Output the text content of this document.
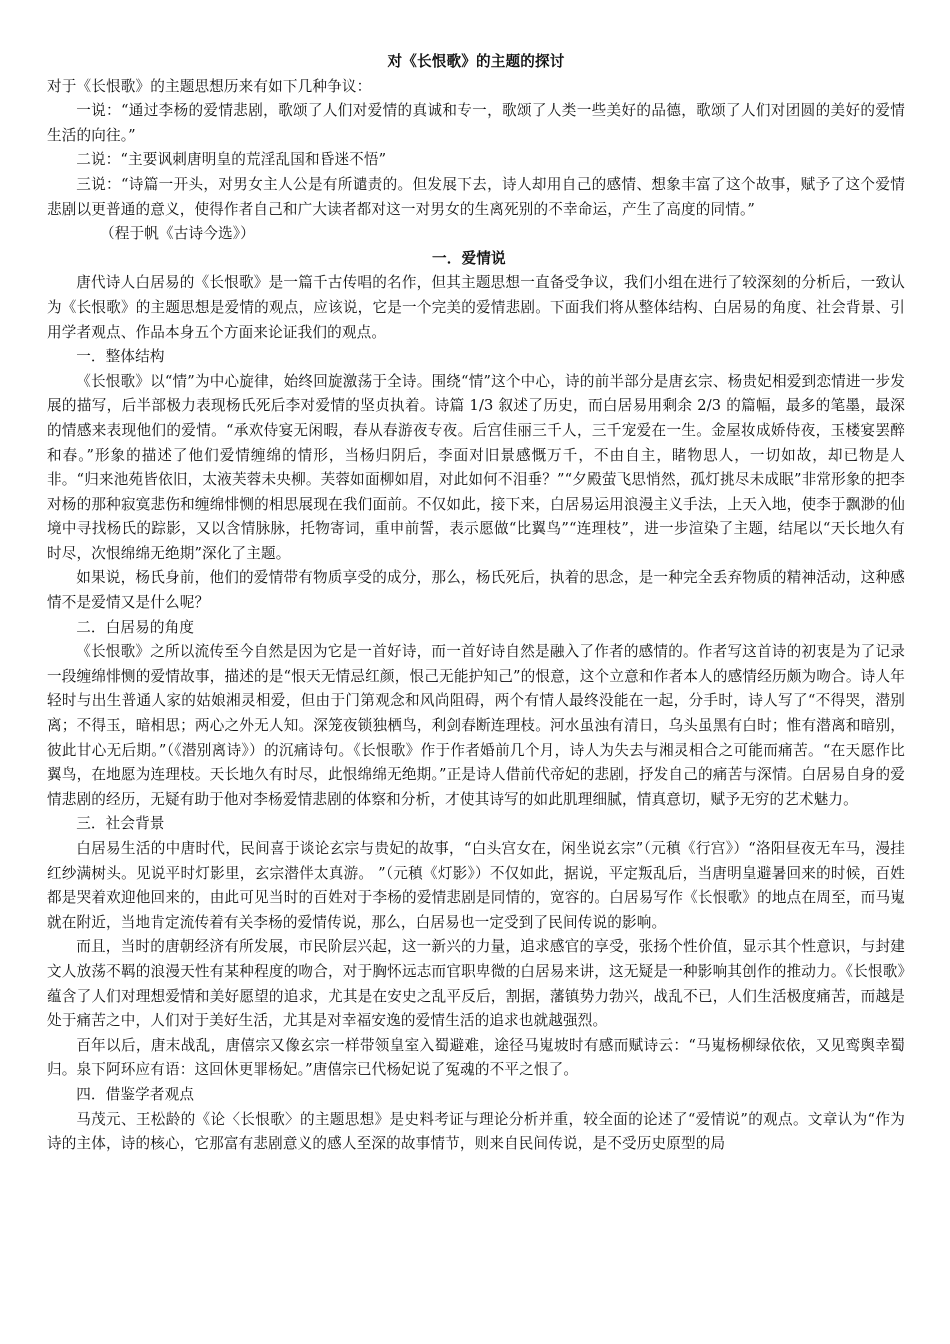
对《长恨歌》的主题的探讨

对于《长恨歌》的主题思想历来有如下几种争议：

一说：“通过李杨的爱情悲剧，歌颂了人们对爱情的真诚和专一，歌颂了人类一些美好的品德，歌颂了人们对团圆的美好的爱情生活的向往。”

二说：“主要讽刺唐明皇的荒淫乱国和昏迷不悟”

三说：“诗篇一开头，对男女主人公是有所谴责的。但发展下去，诗人却用自己的感情、想象丰富了这个故事，赋予了这个爱情悲剧以更普通的意义，使得作者自己和广大读者都对这一对男女的生离死别的不幸命运，产生了高度的同情。”

（程于帆《古诗今选》）

一．爱情说

唐代诗人白居易的《长恨歌》是一篇千古传唱的名作，但其主题思想一直备受争议，我们小组在进行了较深刻的分析后，一致认为《长恨歌》的主题思想是爱情的观点，应该说，它是一个完美的爱情悲剧。下面我们将从整体结构、白居易的角度、社会背景、引用学者观点、作品本身五个方面来论证我们的观点。

一．整体结构

《长恨歌》以“情”为中心旋律，始终回旋激荡于全诗。围绕“情”这个中心，诗的前半部分是唐玄宗、杨贵妃相爱到恋情进一步发展的描写，后半部极力表现杨氏死后李对爱情的坚贞执着。诗篇 1/3 叙述了历史，而白居易用剩余 2/3 的篇幅，最多的笔墨，最深的情感来表现他们的爱情。“承欢侍宴无闲暇，春从春游夜专夜。后宫佳丽三千人，三千宠爱在一生。金屋妆成娇侍夜，玉楼宴罢醉和春。”形象的描述了他们爱情缠绵的情形，当杨归阴后，李面对旧景感慨万千，不由自主，睹物思人，一切如故，却已物是人非。“归来池苑皆依旧，太液芙蓉未央柳。芙蓉如面柳如眉，对此如何不泪垂？”“夕殿萤飞思悄然，孤灯挑尽未成眠”非常形象的把李对杨的那种寂寞悲伤和缠绵悱恻的相思展现在我们面前。不仅如此，接下来，白居易运用浪漫主义手法，上天入地，使李于飘渺的仙境中寻找杨氏的踪影，又以含情脉脉，托物寄词，重申前誓，表示愿做“比翼鸟”“连理枝”，进一步渲染了主题，结尾以“天长地久有时尽，次恨绵绵无绝期”深化了主题。

如果说，杨氏身前，他们的爱情带有物质享受的成分，那么，杨氏死后，执着的思念，是一种完全丢弃物质的精神活动，这种感情不是爱情又是什么呢？

二．白居易的角度

《长恨歌》之所以流传至今自然是因为它是一首好诗，而一首好诗自然是融入了作者的感情的。作者写这首诗的初衷是为了记录一段缠绵悱恻的爱情故事，描述的是“恨天无情忌红颜，恨己无能护知己”的恨意，这个立意和作者本人的感情经历颇为吻合。诗人年轻时与出生普通人家的姑娘湘灵相爱，但由于门第观念和风尚阻碍，两个有情人最终没能在一起，分手时，诗人写了“不得哭，潜别离；不得玉，暗相思；两心之外无人知。深笼夜锁独栖鸟，利剑春断连理枝。河水虽浊有清日，乌头虽黑有白时；惟有潜离和暗别，彼此甘心无后期。”（《潜别离诗》）的沉痛诗句。《长恨歌》作于作者婚前几个月，诗人为失去与湘灵相合之可能而痛苦。“在天愿作比翼鸟，在地愿为连理枝。天长地久有时尽，此恨绵绵无绝期。”正是诗人借前代帝妃的悲剧，抒发自己的痛苦与深情。白居易自身的爱情悲剧的经历，无疑有助于他对李杨爱情悲剧的体察和分析，才使其诗写的如此肌理细腻，情真意切，赋予无穷的艺术魅力。

三．社会背景

白居易生活的中唐时代，民间喜于谈论玄宗与贵妃的故事，“白头宫女在，闲坐说玄宗”（元稹《行宫》）“洛阳昼夜无车马，漫挂红纱满树头。见说平时灯影里，玄宗潜伴太真游。 ”（元稹《灯影》）不仅如此，据说，平定叛乱后，当唐明皇避暑回来的时候，百姓都是哭着欢迎他回来的，由此可见当时的百姓对于李杨的爱情悲剧是同情的，宽容的。白居易写作《长恨歌》的地点在周至，而马嵬就在附近，当地肯定流传着有关李杨的爱情传说，那么，白居易也一定受到了民间传说的影响。

而且，当时的唐朝经济有所发展，市民阶层兴起，这一新兴的力量，追求感官的享受，张扬个性价值，显示其个性意识，与封建文人放荡不羁的浪漫天性有某种程度的吻合，对于胸怀远志而官职卑微的白居易来讲，这无疑是一种影响其创作的推动力。《长恨歌》蕴含了人们对理想爱情和美好愿望的追求，尤其是在安史之乱平反后，割据，藩镇势力勃兴，战乱不已，人们生活极度痛苦，而越是处于痛苦之中，人们对于美好生活，尤其是对幸福安逸的爱情生活的追求也就越强烈。

百年以后，唐末战乱，唐僖宗又像玄宗一样带领皇室入蜀避难，途径马嵬坡时有感而赋诗云：“马嵬杨柳绿依依，又见鸾舆幸蜀归。泉下阿环应有语：这回休更罪杨妃。”唐僖宗已代杨妃说了冤魂的不平之恨了。

四．借鉴学者观点

马茂元、王松龄的《论〈长恨歌〉的主题思想》是史料考证与理论分析并重，较全面的论述了“爱情说”的观点。文章认为“作为诗的主体，诗的核心，它那富有悲剧意义的感人至深的故事情节，则来自民间传说，是不受历史原型的局
